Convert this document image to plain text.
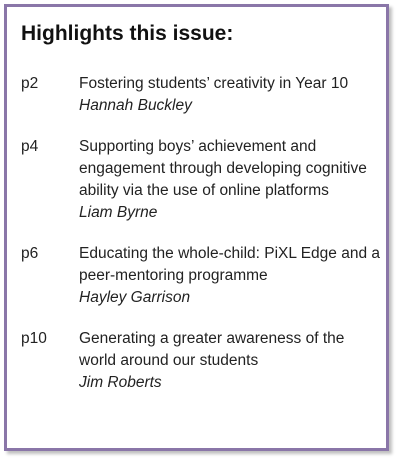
Highlights this issue:
p2	Fostering students’ creativity in Year 10
Hannah Buckley
p4	Supporting boys’ achievement and engagement through developing cognitive ability via the use of online platforms
Liam Byrne
p6	Educating the whole-child: PiXL Edge and a peer-mentoring programme
Hayley Garrison
p10	Generating a greater awareness of the world around our students
Jim Roberts
